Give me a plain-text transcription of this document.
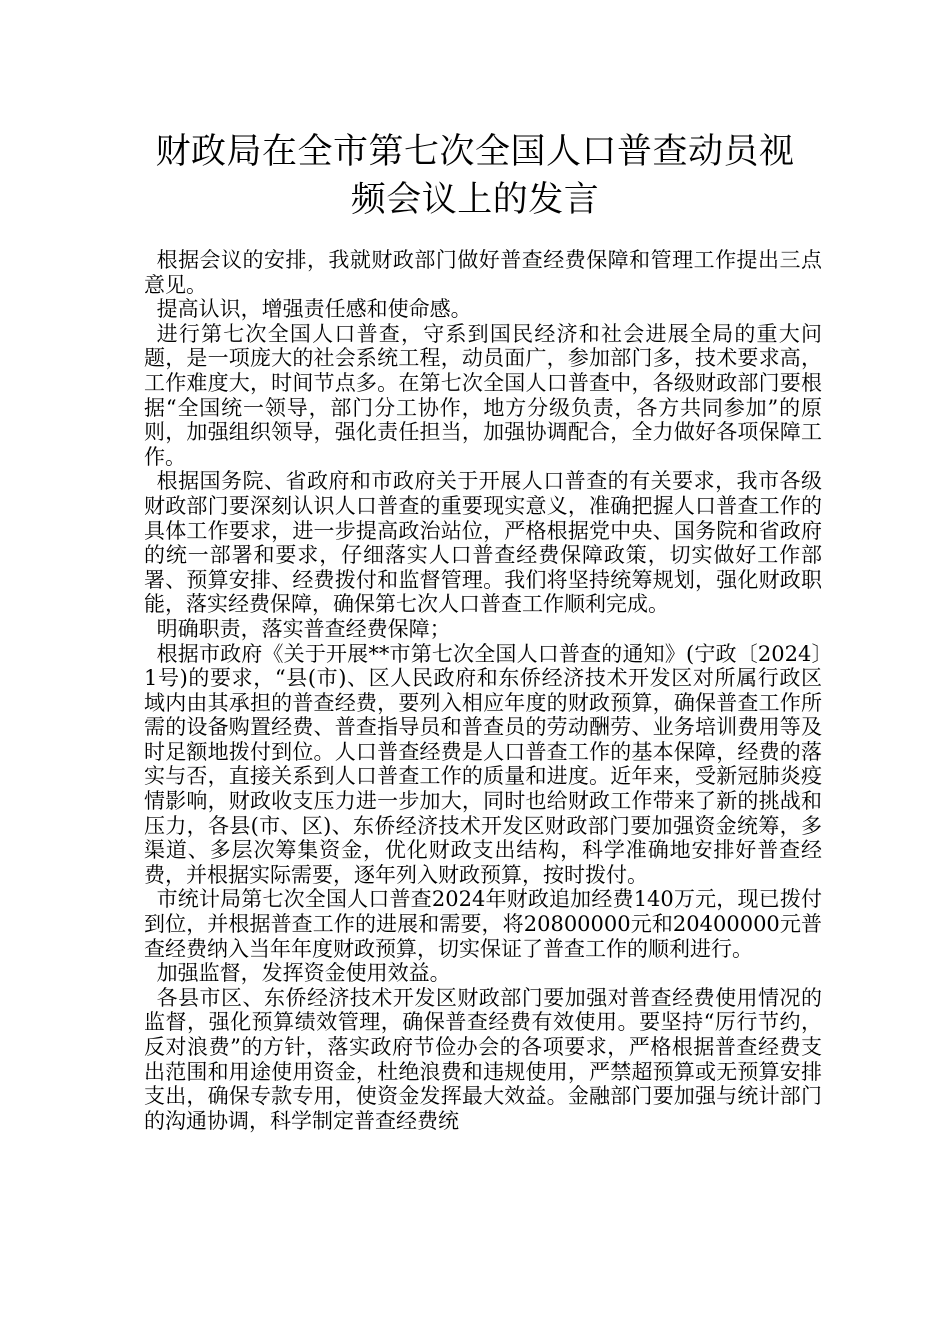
财政局在全市第七次全国人口普查动员视
频会议上的发言

根据会议的安排，我就财政部门做好普查经费保障和管理工作提出三点意见。

提高认识，增强责任感和使命感。

进行第七次全国人口普查，守系到国民经济和社会进展全局的重大问题，是一项庞大的社会系统工程，动员面广，参加部门多，技术要求高，工作难度大，时间节点多。在第七次全国人口普查中，各级财政部门要根据“全国统一领导，部门分工协作，地方分级负责，各方共同参加”的原则，加强组织领导，强化责任担当，加强协调配合，全力做好各项保障工作。

根据国务院、省政府和市政府关于开展人口普查的有关要求，我市各级财政部门要深刻认识人口普查的重要现实意义，准确把握人口普查工作的具体工作要求，进一步提高政治站位，严格根据党中央、国务院和省政府的统一部署和要求，仔细落实人口普查经费保障政策，切实做好工作部署、预算安排、经费拨付和监督管理。我们将坚持统筹规划，强化财政职能，落实经费保障，确保第七次人口普查工作顺利完成。

明确职责，落实普查经费保障；

根据市政府《关于开展**市第七次全国人口普查的通知》(宁政〔2024〕1号)的要求，“县(市)、区人民政府和东侨经济技术开发区对所属行政区域内由其承担的普查经费，要列入相应年度的财政预算，确保普查工作所需的设备购置经费、普查指导员和普查员的劳动酬劳、业务培训费用等及时足额地拨付到位。人口普查经费是人口普查工作的基本保障，经费的落实与否，直接关系到人口普查工作的质量和进度。近年来，受新冠肺炎疫情影响，财政收支压力进一步加大，同时也给财政工作带来了新的挑战和压力，各县(市、区)、东侨经济技术开发区财政部门要加强资金统筹，多渠道、多层次筹集资金，优化财政支出结构，科学准确地安排好普查经费，并根据实际需要，逐年列入财政预算，按时拨付。

市统计局第七次全国人口普查2024年财政追加经费140万元，现已拨付到位，并根据普查工作的进展和需要，将20800000元和20400000元普查经费纳入当年年度财政预算，切实保证了普查工作的顺利进行。

加强监督，发挥资金使用效益。

各县市区、东侨经济技术开发区财政部门要加强对普查经费使用情况的监督，强化预算绩效管理，确保普查经费有效使用。要坚持“厉行节约，反对浪费”的方针，落实政府节俭办会的各项要求，严格根据普查经费支出范围和用途使用资金，杜绝浪费和违规使用，严禁超预算或无预算安排支出，确保专款专用，使资金发挥最大效益。金融部门要加强与统计部门的沟通协调，科学制定普查经费统
